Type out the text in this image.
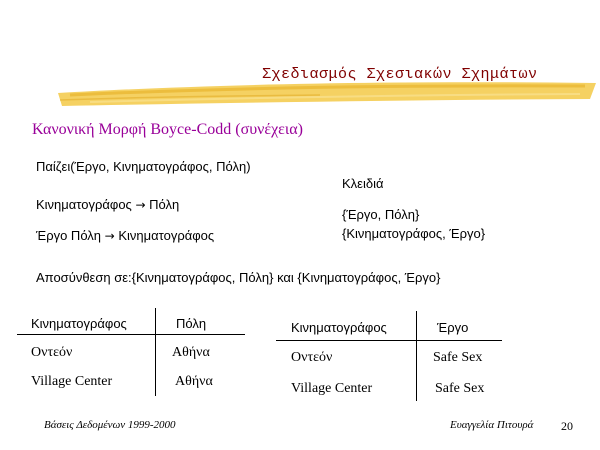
Σχεδιασμός Σχεσιακών Σχημάτων
Κανονική Μορφή Boyce-Codd (συνέχεια)
Παίζει(Έργο, Κινηματογράφος, Πόλη)
Κινηματογράφος → Πόλη
Έργο Πόλη → Κινηματογράφος
Κλειδιά
{Έργο, Πόλη}
{Κινηματογράφος, Έργο}
Αποσύνθεση σε:{Κινηματογράφος, Πόλη} και {Κινηματογράφος, Έργο}
Κινηματογράφος	Πόλη
Οντεόν	Αθήνα
Village Center	Αθήνα
Κινηματογράφος	Έργο
Οντεόν	Safe Sex
Village Center	Safe Sex
Βάσεις Δεδομένων 1999-2000	Ευαγγελία Πιτουρά 20
